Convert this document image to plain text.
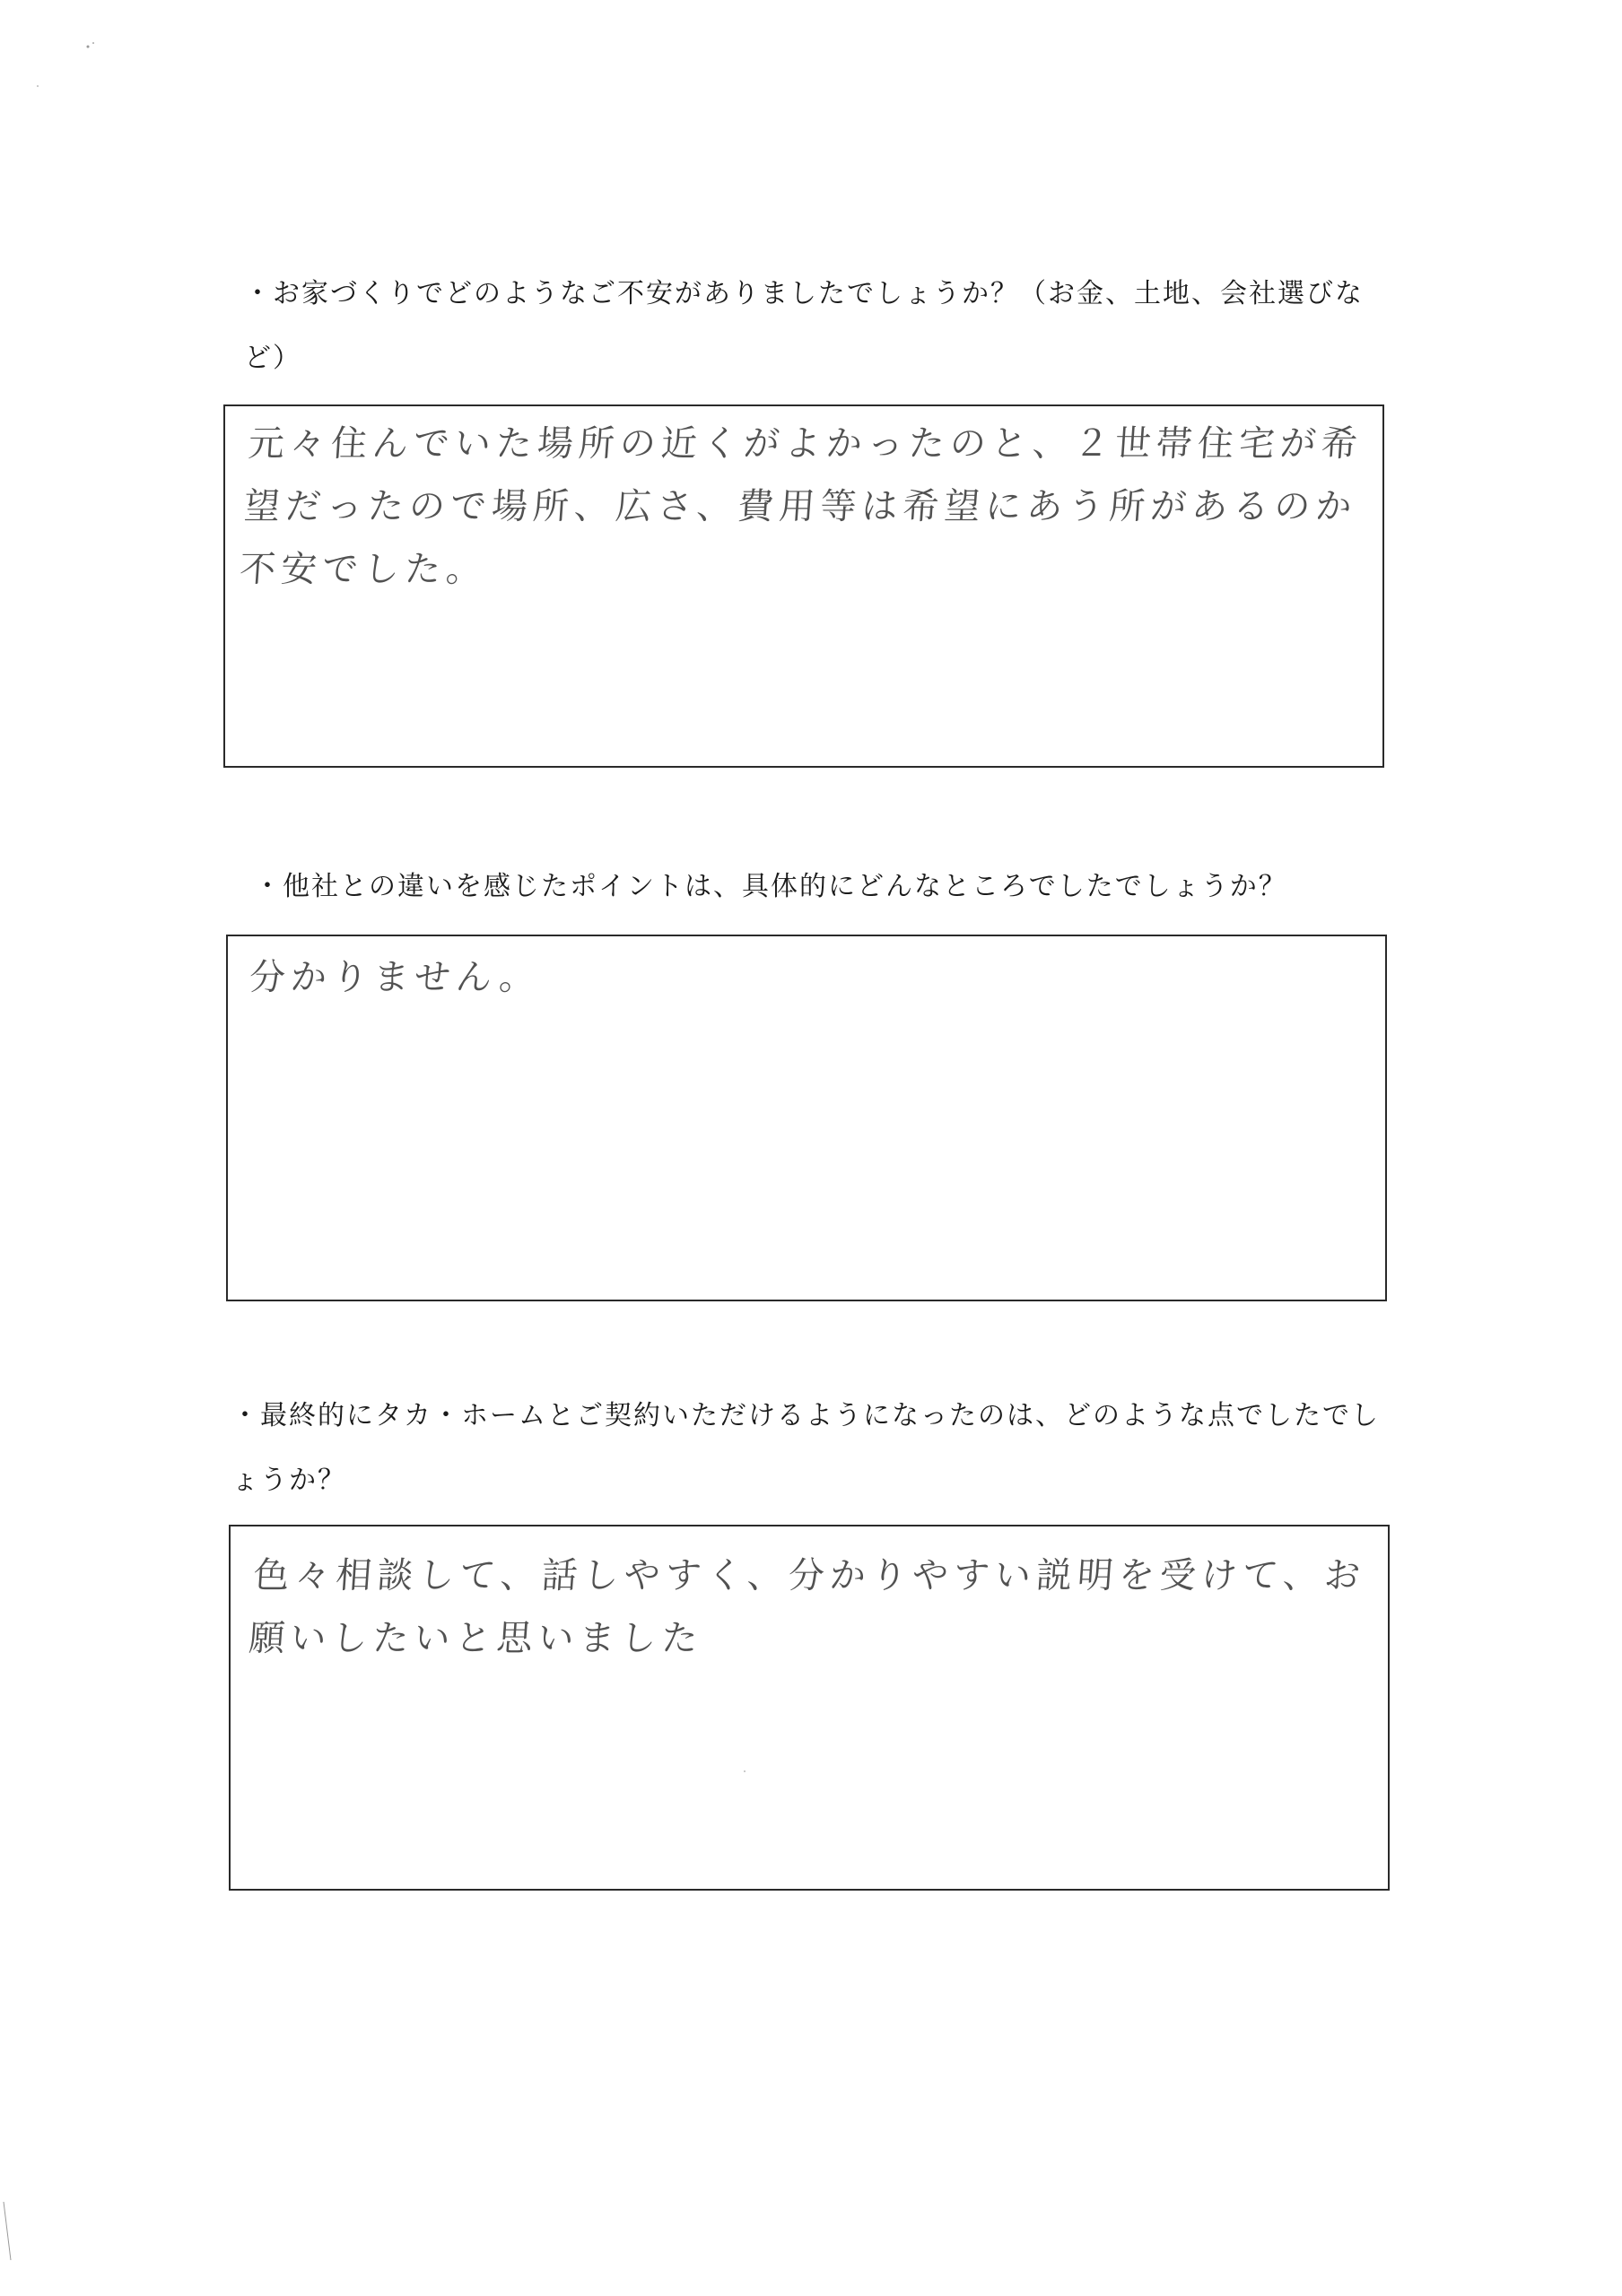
・お家づくりでどのようなご不安がありましたでしょうか？（お金、土地、会社選びなど）
元々住んでいた場所の近くがよかったのと、２世帯住宅が希望だったので場所、広さ、費用等は希望にあう所があるのか不安でした。
・他社との違いを感じたポイントは、具体的にどんなところでしたでしょうか？
分かりません。
・最終的にタカ・ホームとご契約いただけるようになったのは、どのような点でしたでしょうか？
色々相談して、話しやすく、分かりやすい説明を受けて、お願いしたいと思いました
